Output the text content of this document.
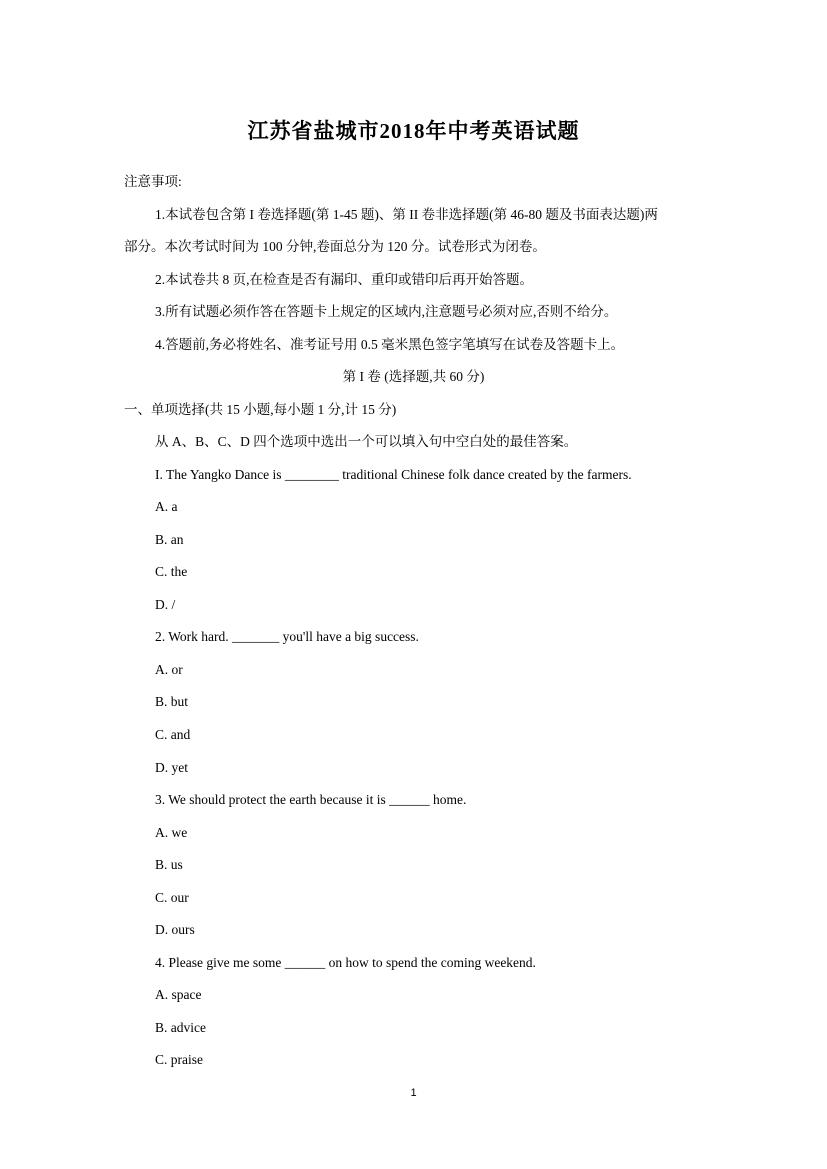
江苏省盐城市2018年中考英语试题
注意事项:
1.本试卷包含第 I 卷选择题(第 1-45 题)、第 II 卷非选择题(第 46-80 题及书面表达题)两
部分。本次考试时间为 100 分钟,卷面总分为 120 分。试卷形式为闭卷。
2.本试卷共 8 页,在检查是否有漏印、重印或错印后再开始答题。
3.所有试题必须作答在答题卡上规定的区域内,注意题号必须对应,否则不给分。
4.答题前,务必将姓名、准考证号用 0.5 毫米黑色签字笔填写在试卷及答题卡上。
第 I 卷 (选择题,共 60 分)
一、单项选择(共 15 小题,每小题 1 分,计 15 分)
从 A、B、C、D 四个选项中选出一个可以填入句中空白处的最佳答案。
I. The Yangko Dance is ________ traditional Chinese folk dance created by the farmers.
A. a
B. an
C. the
D. /
2. Work hard. _______ you'll have a big success.
A. or
B. but
C. and
D. yet
3. We should protect the earth because it is ______ home.
A. we
B. us
C. our
D. ours
4. Please give me some ______ on how to spend the coming weekend.
A. space
B. advice
C. praise
1
